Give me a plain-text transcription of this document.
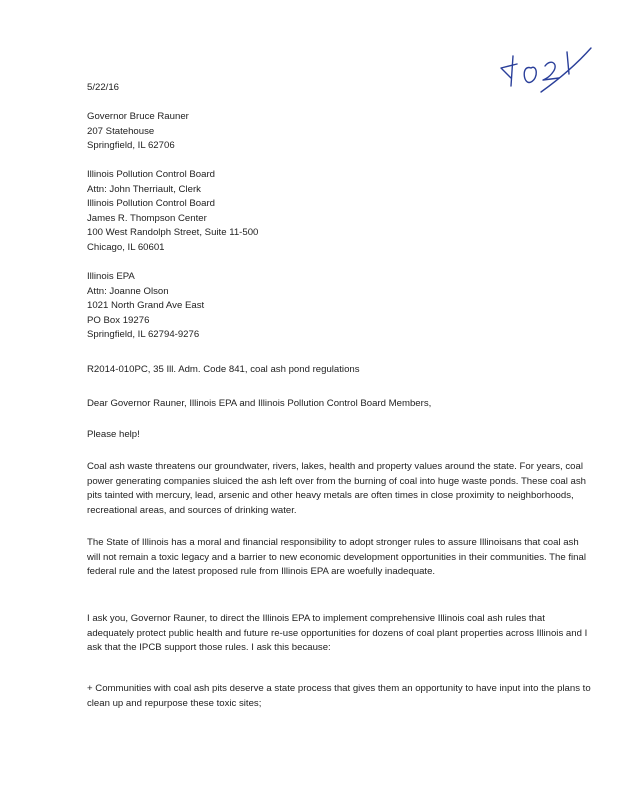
5/22/16
Governor Bruce Rauner
207 Statehouse
Springfield, IL 62706
Illinois Pollution Control Board
Attn: John Therriault, Clerk
Illinois Pollution Control Board
James R. Thompson Center
100 West Randolph Street, Suite 11-500
Chicago, IL 60601
Illinois EPA
Attn: Joanne Olson
1021 North Grand Ave East
PO Box 19276
Springfield, IL 62794-9276
R2014-010PC, 35 Ill. Adm. Code 841, coal ash pond regulations
Dear Governor Rauner, Illinois EPA and Illinois Pollution Control Board Members,
Please help!

Coal ash waste threatens our groundwater, rivers, lakes, health and property values around the state. For years, coal power generating companies sluiced the ash left over from the burning of coal into huge waste ponds. These coal ash pits tainted with mercury, lead, arsenic and other heavy metals are often times in close proximity to neighborhoods, recreational areas, and sources of drinking water.

The State of Illinois has a moral and financial responsibility to adopt stronger rules to assure Illinoisans that coal ash will not remain a toxic legacy and a barrier to new economic development opportunities in their communities. The final federal rule and the latest proposed rule from Illinois EPA are woefully inadequate.

I ask you, Governor Rauner, to direct the Illinois EPA to implement comprehensive Illinois coal ash rules that adequately protect public health and future re-use opportunities for dozens of coal plant properties across Illinois and I ask that the IPCB support those rules. I ask this because:

+ Communities with coal ash pits deserve a state process that gives them an opportunity to have input into the plans to clean up and repurpose these toxic sites;
